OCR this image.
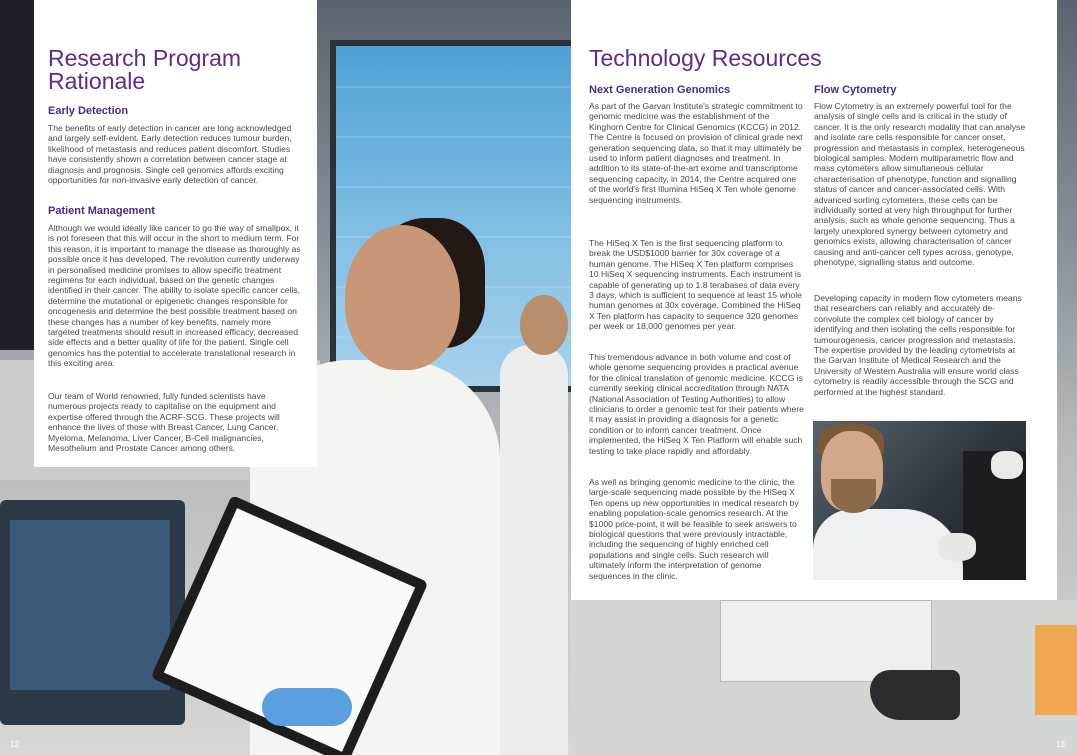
12	13
Research Program Rationale
Early Detection

The benefits of early detection in cancer are long acknowledged and largely self-evident. Early detection reduces tumour burden, likelihood of metastasis and reduces patient discomfort. Studies have consistently shown a correlation between cancer stage at diagnosis and prognosis. Single cell genomics affords exciting opportunities for non-invasive early detection of cancer.

Patient Management

Although we would ideally like cancer to go the way of smallpox, it is not foreseen that this will occur in the short to medium term. For this reason, it is important to manage the disease as thoroughly as possible once it has developed. The revolution currently underway in personalised medicine promises to allow specific treatment regimens for each individual, based on the genetic changes identified in their cancer. The ability to isolate specific cancer cells, determine the mutational or epigenetic changes responsible for oncogenesis and determine the best possible treatment based on these changes has a number of key benefits, namely more targeted treatments should result in increased efficacy, decreased side effects and a better quality of life for the patient. Single cell genomics has the potential to accelerate translational research in this exciting area.

Our team of World renowned, fully funded scientists have numerous projects ready to capitalise on the equipment and expertise offered through the ACRF-SCG. These projects will enhance the lives of those with Breast Cancer, Lung Cancer, Myeloma, Melanoma, Liver Cancer, B-Cell malignancies, Mesothelium and Prostate Cancer among others.

Technology Resources
Next Generation Genomics

As part of the Garvan Institute's strategic commitment to genomic medicine was the establishment of the Kinghorn Centre for Clinical Genomics (KCCG) in 2012. The Centre is focused on provision of clinical grade next generation sequencing data, so that it may ultimately be used to inform patient diagnoses and treatment. In addition to its state-of-the-art exome and transcriptome sequencing capacity, in 2014, the Centre acquired one of the world's first Illumina HiSeq X Ten whole genome sequencing instruments.

The HiSeq X Ten is the first sequencing platform to break the USD$1000 barrier for 30x coverage of a human genome. The HiSeq X Ten platform comprises 10 HiSeq X sequencing instruments. Each instrument is capable of generating up to 1.8 terabases of data every 3 days, which is sufficient to sequence at least 15 whole human genomes at 30x coverage. Combined the HiSeq X Ten platform has capacity to sequence 320 genomes per week or 18,000 genomes per year.

This tremendous advance in both volume and cost of whole genome sequencing provides a practical avenue for the clinical translation of genomic medicine. KCCG is currently seeking clinical accreditation through NATA (National Association of Testing Authorities) to allow clinicians to order a genomic test for their patients where it may assist in providing a diagnosis for a genetic condition or to inform cancer treatment. Once implemented, the HiSeq X Ten Platform will enable such testing to take place rapidly and affordably.

As well as bringing genomic medicine to the clinic, the large-scale sequencing made possible by the HiSeq X Ten opens up new opportunities in medical research by enabling population-scale genomics research. At the $1000 price-point, it will be feasible to seek answers to biological questions that were previously intractable, including the sequencing of highly enriched cell populations and single cells. Such research will ultimately inform the interpretation of genome sequences in the clinic.

Flow Cytometry

Flow Cytometry is an extremely powerful tool for the analysis of single cells and is critical in the study of cancer. It is the only research modality that can analyse and isolate rare cells responsible for cancer onset, progression and metastasis in complex, heterogeneous biological samples. Modern multiparametric flow and mass cytometers allow simultaneous cellular characterisation of phenotype, function and signalling status of cancer and cancer-associated cells. With advanced sorting cytometers, these cells can be individually sorted at very high throughput for further analysis, such as whole genome sequencing. Thus a largely unexplored synergy between cytometry and genomics exists, allowing characterisation of cancer causing and anti-cancer cell types across, genotype, phenotype, signalling status and outcome.

Developing capacity in modern flow cytometers means that researchers can reliably and accurately de-convolute the complex cell biology of cancer by identifying and then isolating the cells responsible for tumourogenesis, cancer progression and metastasis. The expertise provided by the leading cytometrists at the Garvan Institute of Medical Research and the University of Western Australia will ensure world class cytometry is readily accessible through the SCG and performed at the highest standard.
